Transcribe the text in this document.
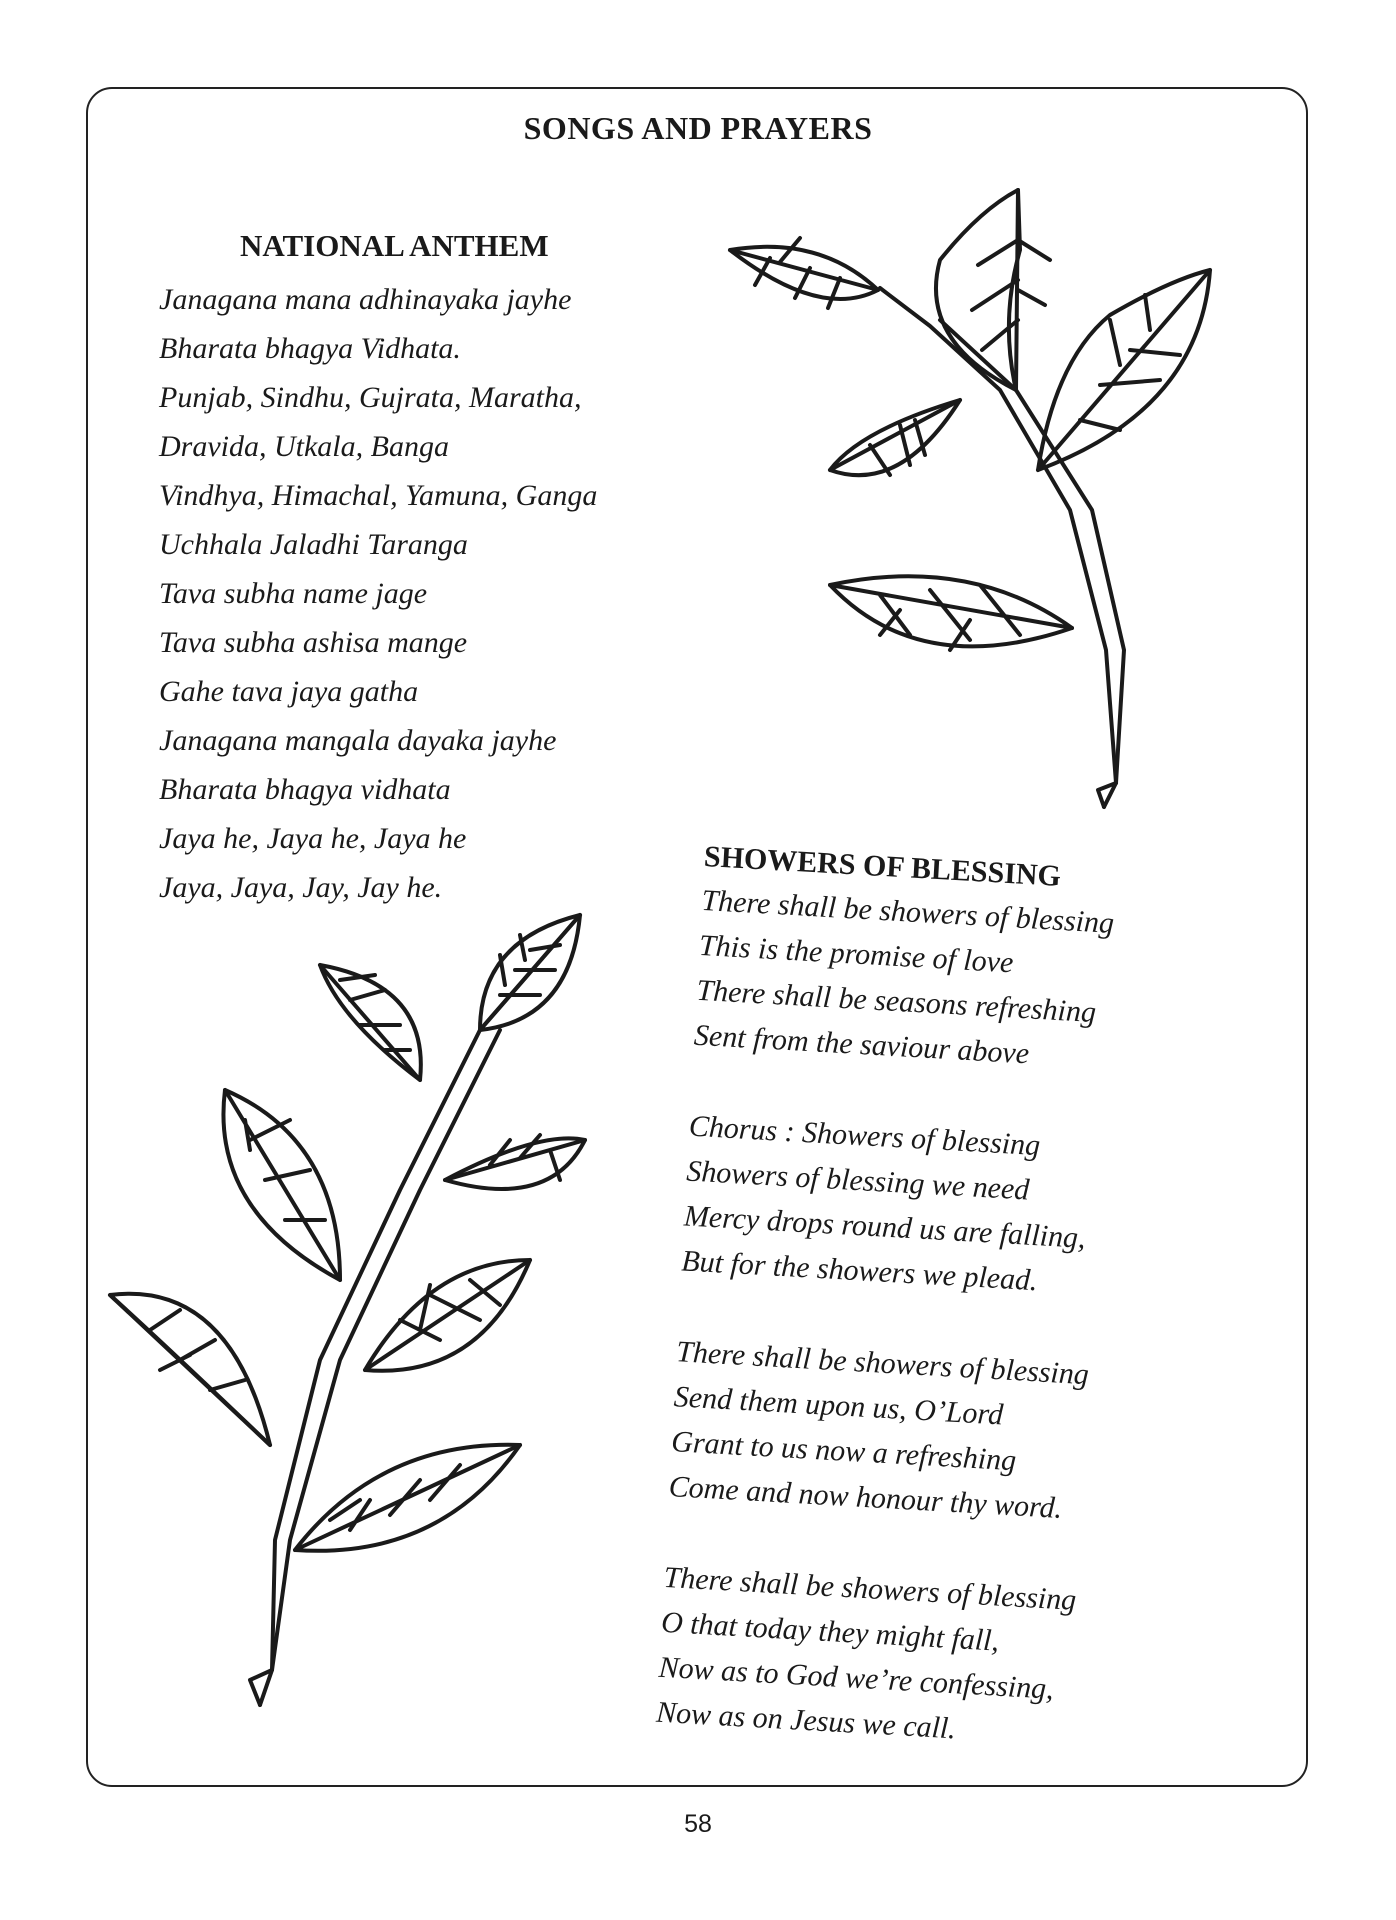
SONGS AND PRAYERS
NATIONAL ANTHEM
Janagana mana adhinayaka jayhe
Bharata bhagya Vidhata.
Punjab, Sindhu, Gujrata, Maratha,
Dravida, Utkala, Banga
Vindhya, Himachal, Yamuna, Ganga
Uchhala Jaladhi Taranga
Tava subha name jage
Tava subha ashisa mange
Gahe tava jaya gatha
Janagana mangala dayaka jayhe
Bharata bhagya vidhata
Jaya he, Jaya he, Jaya he
Jaya, Jaya, Jay, Jay he.	SHOWERS OF BLESSING
There shall be showers of blessing
This is the promise of love
There shall be seasons refreshing
Sent from the saviour above
Chorus : Showers of blessing
Showers of blessing we need
Mercy drops round us are falling,
But for the showers we plead.
There shall be showers of blessing
Send them upon us, O’Lord
Grant to us now a refreshing
Come and now honour thy word.
There shall be showers of blessing
O that today they might fall,
Now as to God we’re confessing,
Now as on Jesus we call.
58
